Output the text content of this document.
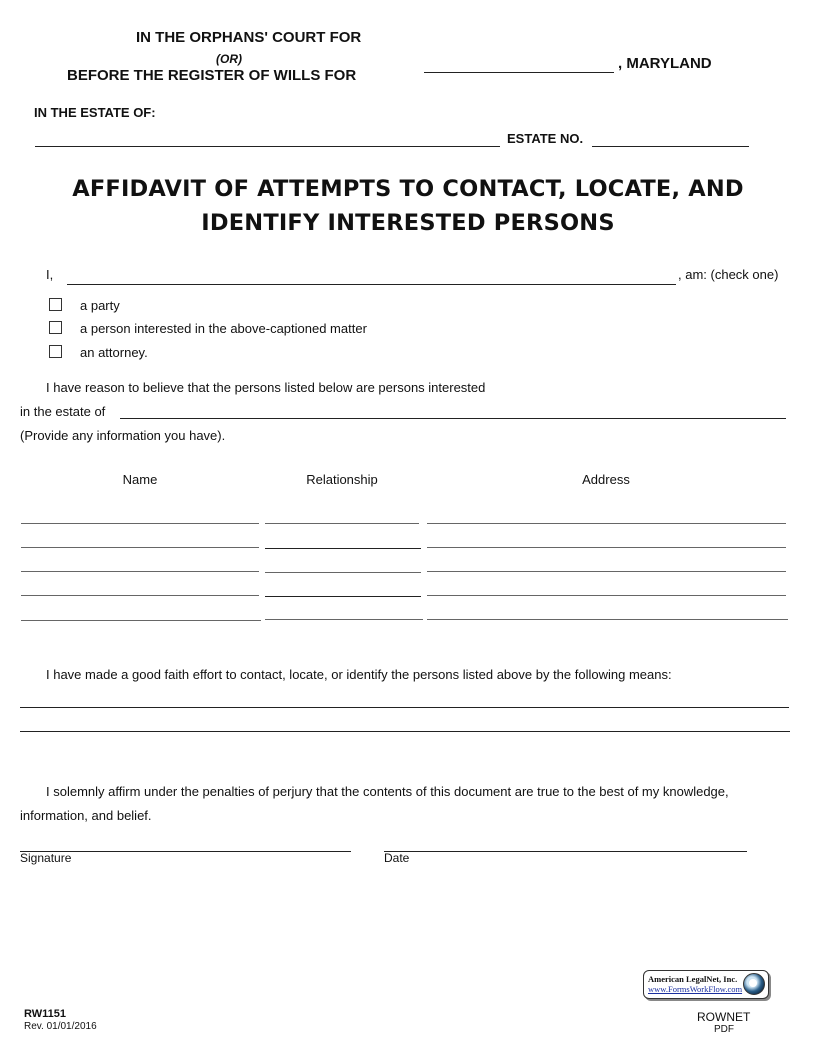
IN THE ORPHANS' COURT FOR
(OR)
BEFORE THE REGISTER OF WILLS FOR
, MARYLAND
IN THE ESTATE OF:
ESTATE NO.
AFFIDAVIT OF ATTEMPTS TO CONTACT, LOCATE, AND
IDENTIFY INTERESTED PERSONS
I,	, am: (check one)
a party
a person interested in the above-captioned matter
an attorney.
I have reason to believe that the persons listed below are persons interested
in the estate of
(Provide any information you have).
Name	Relationship	Address
I have made a good faith effort to contact, locate, or identify the persons listed above by the following means:
I solemnly affirm under the penalties of perjury that the contents of this document are true to the best of my knowledge,
information, and belief.
Signature	Date
RW1151
Rev. 01/01/2016
American LegalNet, Inc.
www.FormsWorkFlow.com
ROWNET
PDF
